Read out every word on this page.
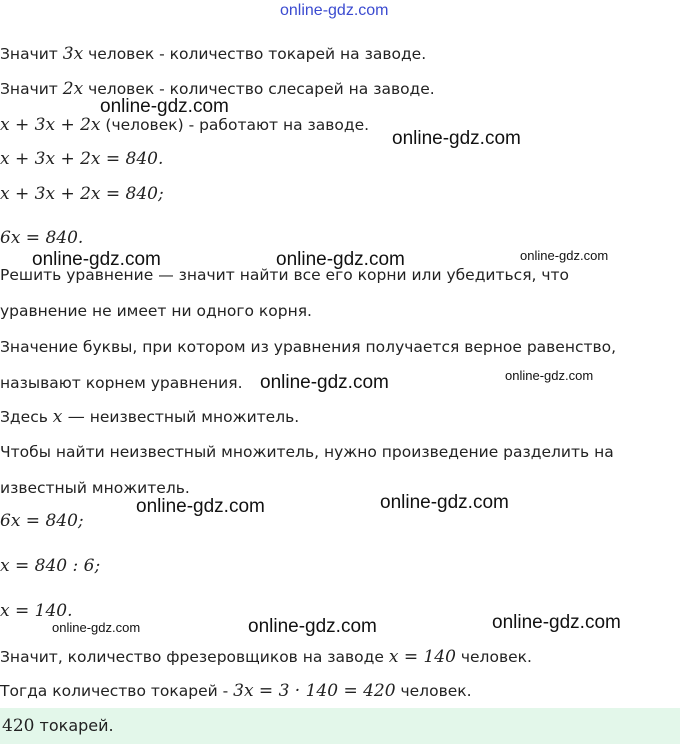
online-gdz.com
Значит 3x человек - количество токарей на заводе.
Значит 2x человек - количество слесарей на заводе.
x + 3x + 2x (человек) - работают на заводе.
x + 3x + 2x = 840.
x + 3x + 2x = 840;
6x = 840.
Решить уравнение — значит найти все его корни или убедиться, что
уравнение не имеет ни одного корня.
Значение буквы, при котором из уравнения получается верное равенство,
называют корнем уравнения.
Здесь x — неизвестный множитель.
Чтобы найти неизвестный множитель, нужно произведение разделить на
известный множитель.
6x = 840;
x = 840 : 6;
x = 140.
Значит, количество фрезеровщиков на заводе x = 140 человек.
Тогда количество токарей - 3x = 3 · 140 = 420 человек.
420 токарей.
online-gdz.com
online-gdz.com
online-gdz.com	online-gdz.com	online-gdz.com
online-gdz.com	online-gdz.com
online-gdz.com	online-gdz.com
online-gdz.com	online-gdz.com	online-gdz.com
